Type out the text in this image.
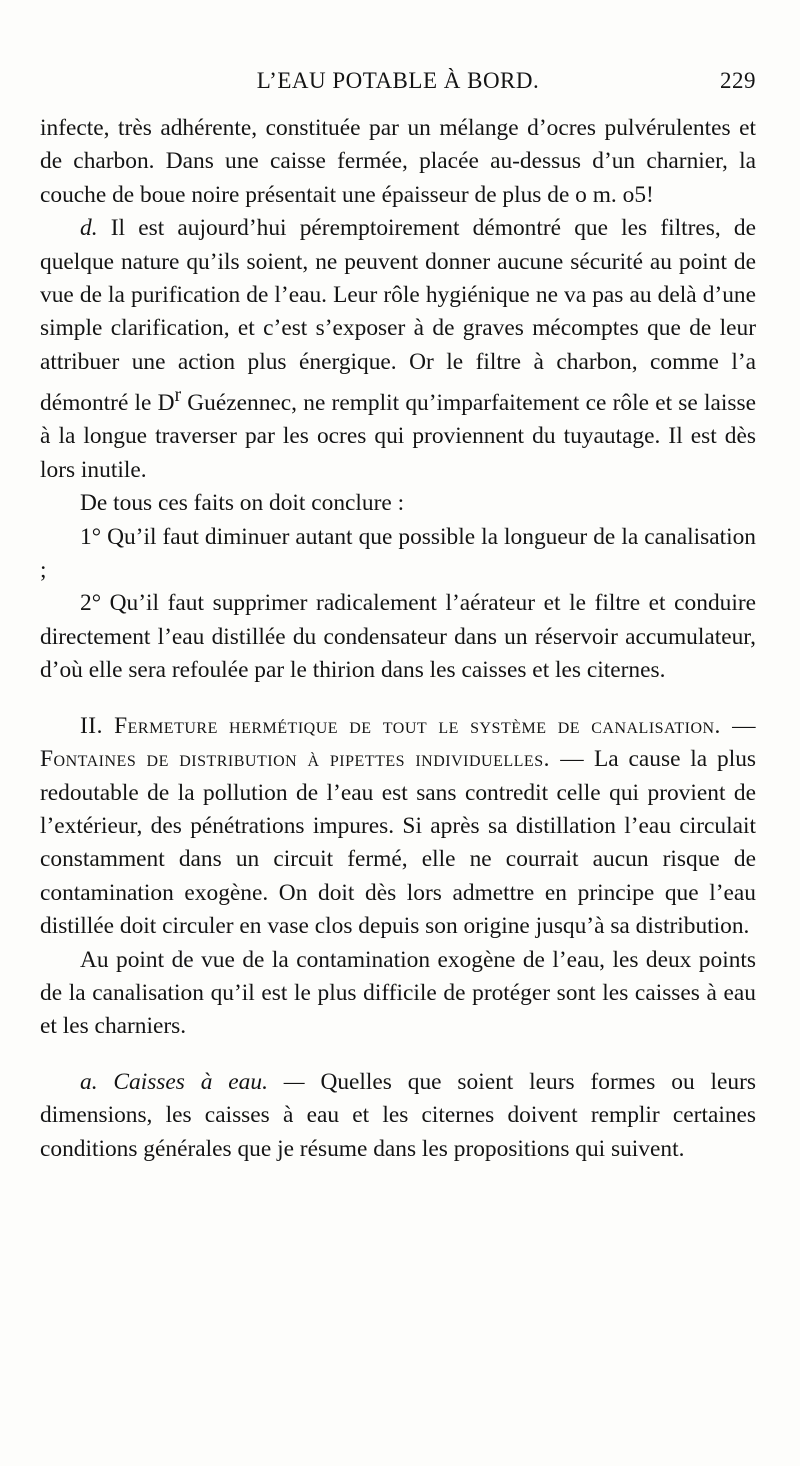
L’EAU POTABLE À BORD.	229

infecte, très adhérente, constituée par un mélange d’ocres pulvérulentes et de charbon. Dans une caisse fermée, placée au-dessus d’un charnier, la couche de boue noire présentait une épaisseur de plus de o m. o5!

d. Il est aujourd’hui péremptoirement démontré que les filtres, de quelque nature qu’ils soient, ne peuvent donner aucune sécurité au point de vue de la purification de l’eau. Leur rôle hygiénique ne va pas au delà d’une simple clarification, et c’est s’exposer à de graves mécomptes que de leur attribuer une action plus énergique. Or le filtre à charbon, comme l’a démontré le $D^r$ Guézennec, ne remplit qu’imparfaitement ce rôle et se laisse à la longue traverser par les ocres qui proviennent du tuyautage. Il est dès lors inutile.

De tous ces faits on doit conclure :

1° Qu’il faut diminuer autant que possible la longueur de la canalisation ;

2° Qu’il faut supprimer radicalement l’aérateur et le filtre et conduire directement l’eau distillée du condensateur dans un réservoir accumulateur, d’où elle sera refoulée par le thirion dans les caisses et les citernes.

II. Fermeture hermétique de tout le système de canalisation. — Fontaines de distribution à pipettes individuelles. — La cause la plus redoutable de la pollution de l’eau est sans contredit celle qui provient de l’extérieur, des pénétrations impures. Si après sa distillation l’eau circulait constamment dans un circuit fermé, elle ne courrait aucun risque de contamination exogène. On doit dès lors admettre en principe que l’eau distillée doit circuler en vase clos depuis son origine jusqu’à sa distribution.

Au point de vue de la contamination exogène de l’eau, les deux points de la canalisation qu’il est le plus difficile de protéger sont les caisses à eau et les charniers.

a. Caisses à eau. — Quelles que soient leurs formes ou leurs dimensions, les caisses à eau et les citernes doivent remplir certaines conditions générales que je résume dans les propositions qui suivent.
